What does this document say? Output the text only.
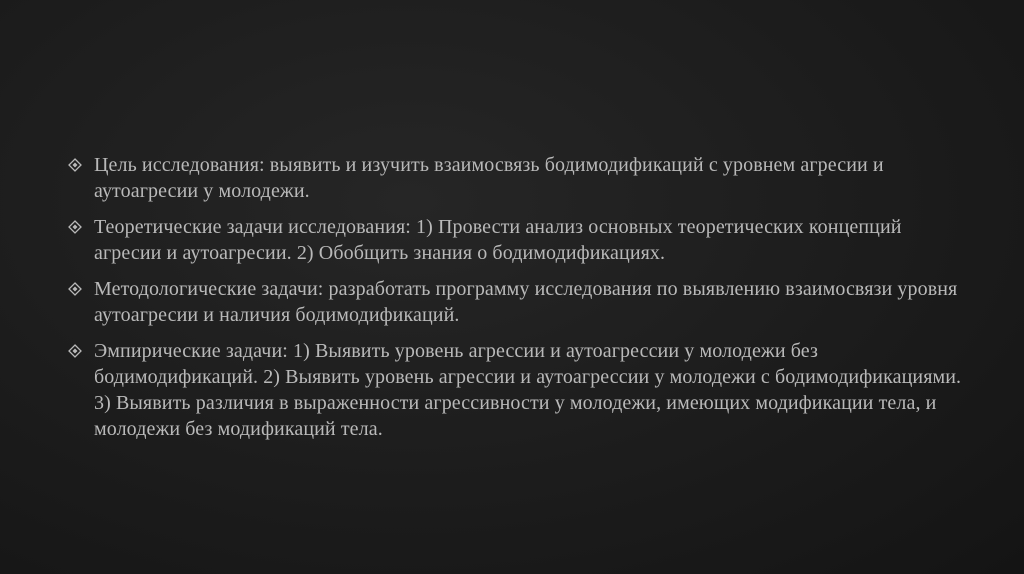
Цель исследования: выявить и изучить взаимосвязь бодимодификаций с уровнем агресии и аутоагресии у молодежи.
Теоретические задачи исследования: 1) Провести анализ основных теоретических концепций агресии и аутоагресии. 2) Обобщить знания о бодимодификациях.
Методологические задачи: разработать программу исследования по выявлению взаимосвязи уровня аутоагресии и наличия бодимодификаций.
Эмпирические задачи: 1) Выявить уровень агрессии и аутоагрессии у молодежи без бодимодификаций. 2) Выявить уровень агрессии и аутоагрессии у молодежи с бодимодификациями. 3) Выявить различия в выраженности агрессивности у молодежи, имеющих модификации тела, и молодежи без модификаций тела.
